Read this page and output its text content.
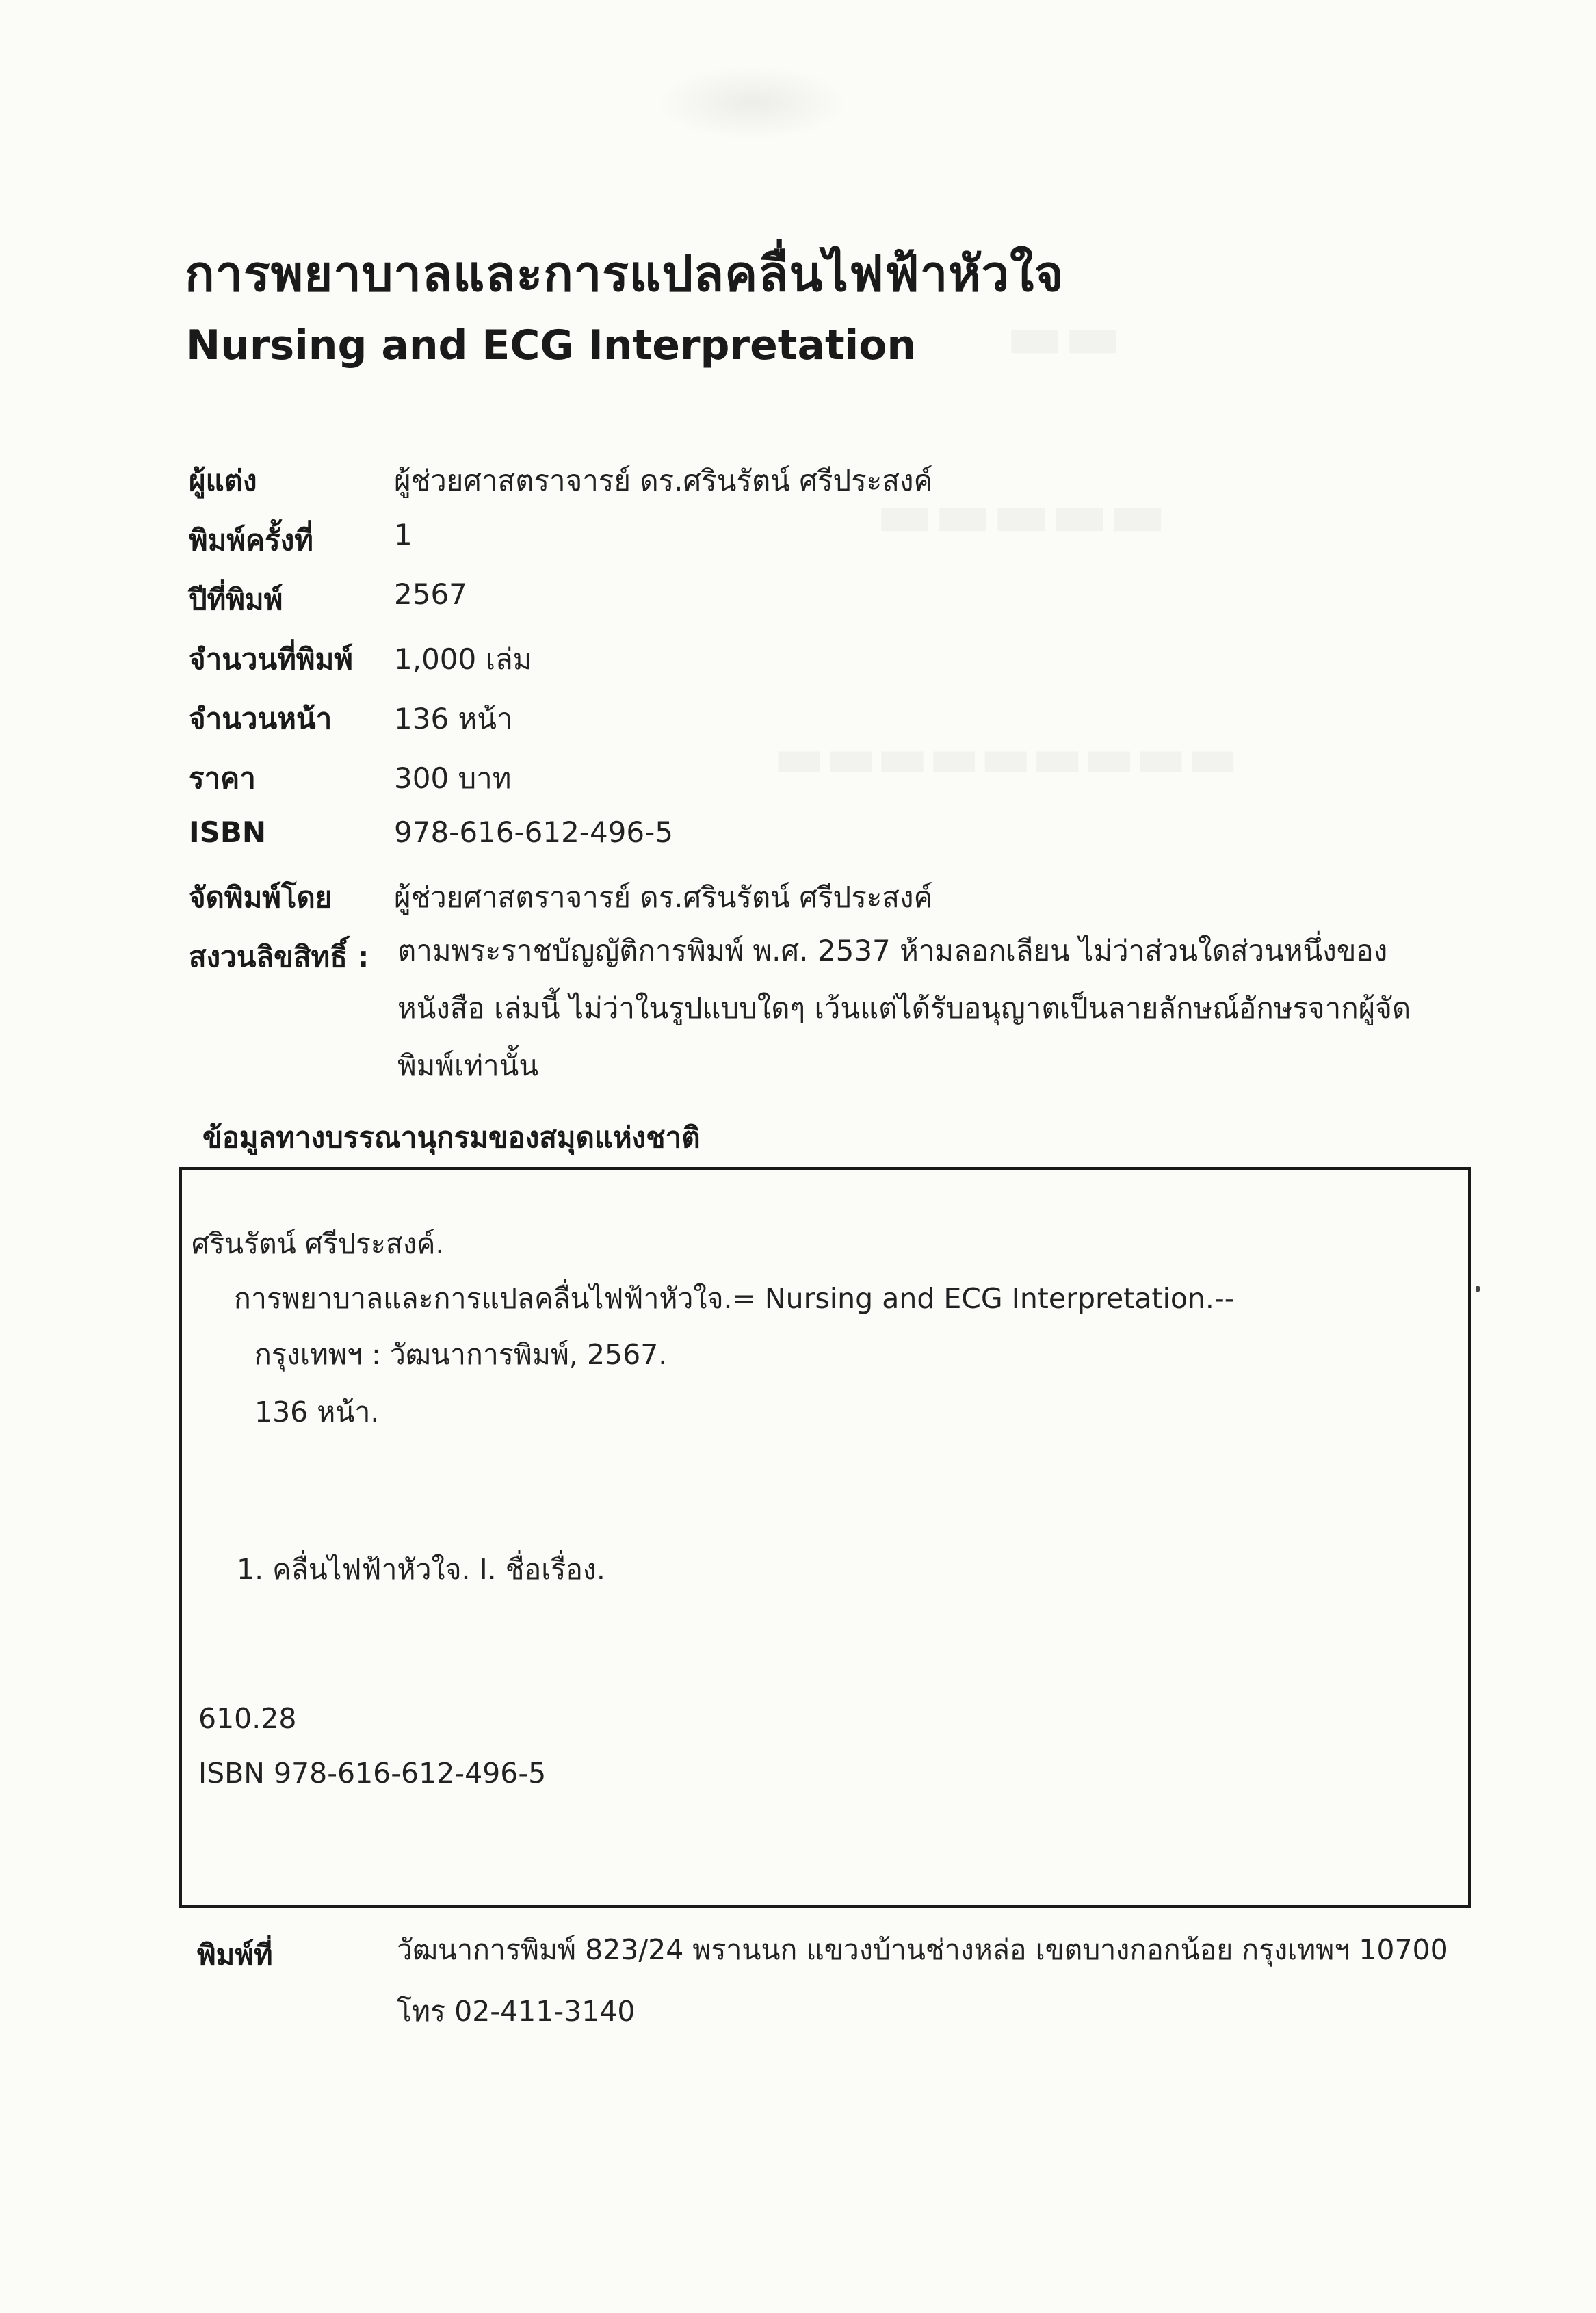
การพยาบาลและการแปลคลื่นไฟฟ้าหัวใจ
Nursing and ECG Interpretation
ผู้แต่ง	ผู้ช่วยศาสตราจารย์ ดร.ศรินรัตน์ ศรีประสงค์
พิมพ์ครั้งที่	1
ปีที่พิมพ์	2567
จำนวนที่พิมพ์	1,000 เล่ม
จำนวนหน้า	136 หน้า
ราคา	300 บาท
ISBN	978-616-612-496-5
จัดพิมพ์โดย	ผู้ช่วยศาสตราจารย์ ดร.ศรินรัตน์ ศรีประสงค์
สงวนลิขสิทธิ์ : ตามพระราชบัญญัติการพิมพ์ พ.ศ. 2537 ห้ามลอกเลียน ไม่ว่าส่วนใดส่วนหนึ่งของหนังสือ เล่มนี้ ไม่ว่าในรูปแบบใดๆ เว้นแต่ได้รับอนุญาตเป็นลายลักษณ์อักษรจากผู้จัดพิมพ์เท่านั้น
ข้อมูลทางบรรณานุกรมของสมุดแห่งชาติ
ศรินรัตน์ ศรีประสงค์.
การพยาบาลและการแปลคลื่นไฟฟ้าหัวใจ.= Nursing and ECG Interpretation.--
กรุงเทพฯ : วัฒนาการพิมพ์, 2567.
136 หน้า.
1. คลื่นไฟฟ้าหัวใจ. I. ชื่อเรื่อง.
610.28
ISBN 978-616-612-496-5
พิมพ์ที่	วัฒนาการพิมพ์ 823/24 พรานนก แขวงบ้านช่างหล่อ เขตบางกอกน้อย กรุงเทพฯ 10700
โทร 02-411-3140
